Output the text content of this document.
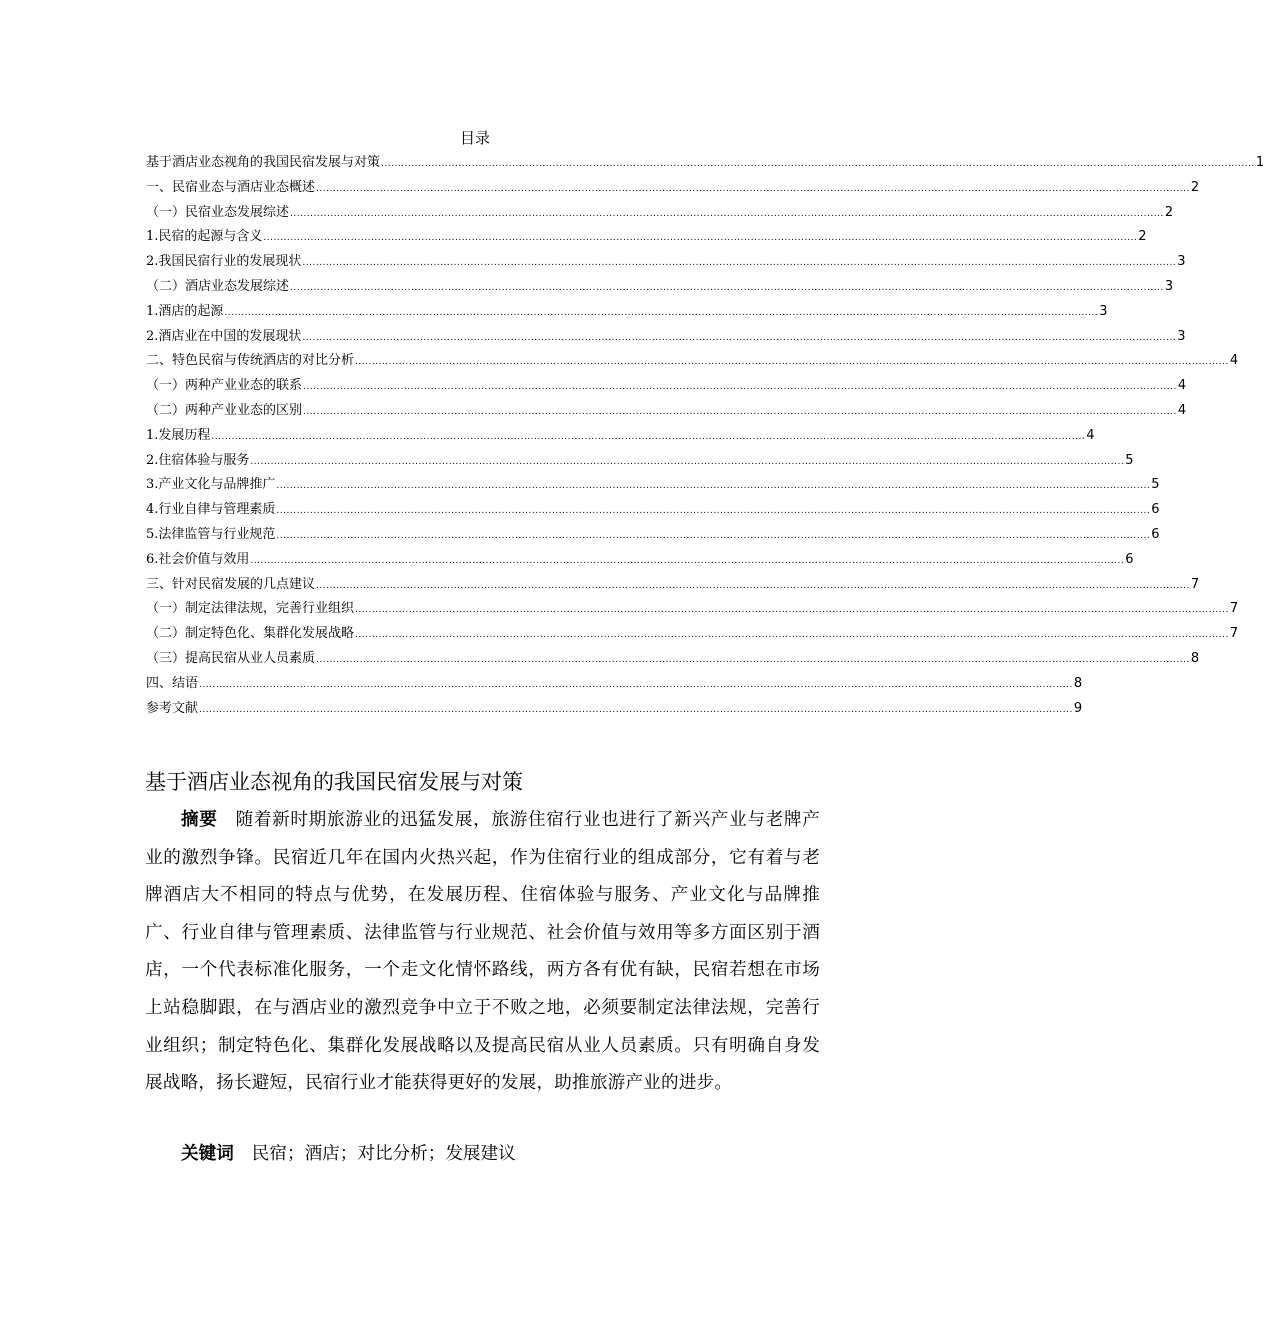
目录
基于酒店业态视角的我国民宿发展与对策 .................................................................................................................................................................................................................................................................... 1
一、民宿业态与酒店业态概述 .................................................................................................................................................................................................................................................................... 2
（一）民宿业态发展综述 .................................................................................................................................................................................................................................................................... 2
1.民宿的起源与含义 .................................................................................................................................................................................................................................................................... 2
2.我国民宿行业的发展现状 .................................................................................................................................................................................................................................................................... 3
（二）酒店业态发展综述 .................................................................................................................................................................................................................................................................... 3
1.酒店的起源 .................................................................................................................................................................................................................................................................... 3
2.酒店业在中国的发展现状 .................................................................................................................................................................................................................................................................... 3
二、特色民宿与传统酒店的对比分析 .................................................................................................................................................................................................................................................................... 4
（一）两种产业业态的联系 .................................................................................................................................................................................................................................................................... 4
（二）两种产业业态的区别 .................................................................................................................................................................................................................................................................... 4
1.发展历程 .................................................................................................................................................................................................................................................................... 4
2.住宿体验与服务 .................................................................................................................................................................................................................................................................... 5
3.产业文化与品牌推广 .................................................................................................................................................................................................................................................................... 5
4.行业自律与管理素质 .................................................................................................................................................................................................................................................................... 6
5.法律监管与行业规范 .................................................................................................................................................................................................................................................................... 6
6.社会价值与效用 .................................................................................................................................................................................................................................................................... 6
三、针对民宿发展的几点建议 .................................................................................................................................................................................................................................................................... 7
（一）制定法律法规，完善行业组织 .................................................................................................................................................................................................................................................................... 7
（二）制定特色化、集群化发展战略 .................................................................................................................................................................................................................................................................... 7
（三）提高民宿从业人员素质 .................................................................................................................................................................................................................................................................... 8
四、结语 .................................................................................................................................................................................................................................................................... 8
参考文献 .................................................................................................................................................................................................................................................................... 9
基于酒店业态视角的我国民宿发展与对策
摘要 随着新时期旅游业的迅猛发展，旅游住宿行业也进行了新兴产业与老牌产业的激烈争锋。民宿近几年在国内火热兴起，作为住宿行业的组成部分，它有着与老牌酒店大不相同的特点与优势，在发展历程、住宿体验与服务、产业文化与品牌推广、行业自律与管理素质、法律监管与行业规范、社会价值与效用等多方面区别于酒店，一个代表标准化服务，一个走文化情怀路线，两方各有优有缺，民宿若想在市场上站稳脚跟，在与酒店业的激烈竞争中立于不败之地，必须要制定法律法规，完善行业组织；制定特色化、集群化发展战略以及提高民宿从业人员素质。只有明确自身发展战略，扬长避短，民宿行业才能获得更好的发展，助推旅游产业的进步。
关键词 民宿；酒店；对比分析；发展建议
